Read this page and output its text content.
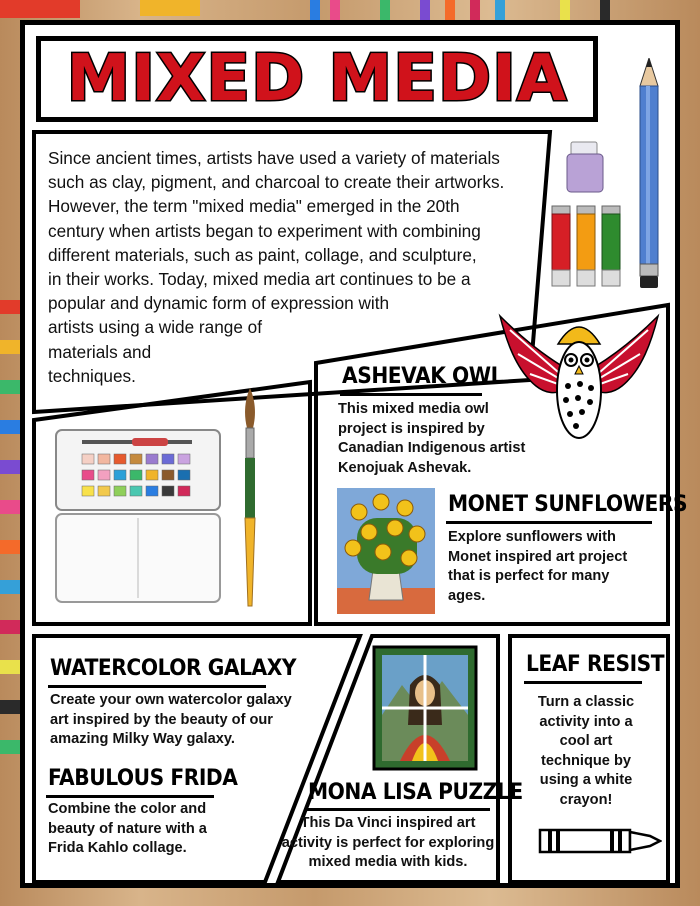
MIXED MEDIA
Since ancient times, artists have used a variety of materials
such as clay, pigment, and charcoal to create their artworks.
However, the term "mixed media" emerged in the 20th
century when artists began to experiment with combining
different materials, such as paint, collage, and sculpture,
in their works. Today, mixed media art continues to be a
popular and dynamic form of expression with
artists using a wide range of
materials and
techniques.	ASHEVAK OWL
This mixed media owl
project is inspired by
Canadian Indigenous artist
Kenojuak Ashevak.
MONET SUNFLOWERS
Explore sunflowers with
Monet inspired art project
that is perfect for many
ages.
WATERCOLOR GALAXY
Create your own watercolor galaxy
art inspired by the beauty of our
amazing Milky Way galaxy.
FABULOUS FRIDA
Combine the color and
beauty of nature with a
Frida Kahlo collage.
MONA LISA PUZZLE
This Da Vinci inspired art
activity is perfect for exploring
mixed media with kids.
LEAF RESIST
Turn a classic
activity into a
cool art
technique by
using a white
crayon!
